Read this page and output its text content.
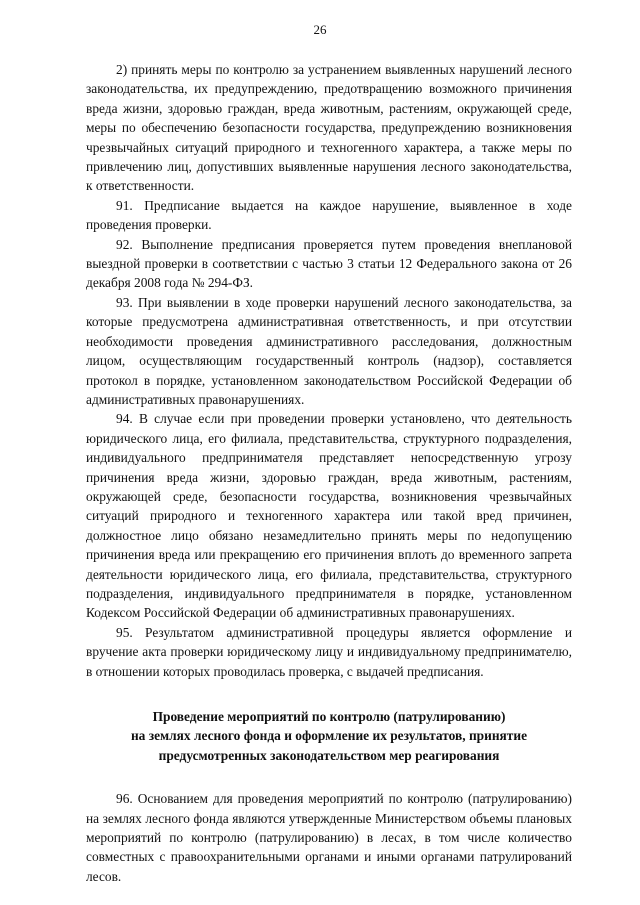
26

2) принять меры по контролю за устранением выявленных нарушений лесного законодательства, их предупреждению, предотвращению возможного причинения вреда жизни, здоровью граждан, вреда животным, растениям, окружающей среде, меры по обеспечению безопасности государства, предупреждению возникновения чрезвычайных ситуаций природного и техногенного характера, а также меры по привлечению лиц, допустивших выявленные нарушения лесного законодательства, к ответственности.

91. Предписание выдается на каждое нарушение, выявленное в ходе проведения проверки.

92. Выполнение предписания проверяется путем проведения внеплановой выездной проверки в соответствии с частью 3 статьи 12 Федерального закона от 26 декабря 2008 года № 294-ФЗ.

93. При выявлении в ходе проверки нарушений лесного законодательства, за которые предусмотрена административная ответственность, и при отсутствии необходимости проведения административного расследования, должностным лицом, осуществляющим государственный контроль (надзор), составляется протокол в порядке, установленном законодательством Российской Федерации об административных правонарушениях.

94. В случае если при проведении проверки установлено, что деятельность юридического лица, его филиала, представительства, структурного подразделения, индивидуального предпринимателя представляет непосредственную угрозу причинения вреда жизни, здоровью граждан, вреда животным, растениям, окружающей среде, безопасности государства, возникновения чрезвычайных ситуаций природного и техногенного характера или такой вред причинен, должностное лицо обязано незамедлительно принять меры по недопущению причинения вреда или прекращению его причинения вплоть до временного запрета деятельности юридического лица, его филиала, представительства, структурного подразделения, индивидуального предпринимателя в порядке, установленном Кодексом Российской Федерации об административных правонарушениях.

95. Результатом административной процедуры является оформление и вручение акта проверки юридическому лицу и индивидуальному предпринимателю, в отношении которых проводилась проверка, с выдачей предписания.

Проведение мероприятий по контролю (патрулированию)
на землях лесного фонда и оформление их результатов, принятие
предусмотренных законодательством мер реагирования

96. Основанием для проведения мероприятий по контролю (патрулированию) на землях лесного фонда являются утвержденные Министерством объемы плановых мероприятий по контролю (патрулированию) в лесах, в том числе количество совместных с правоохранительными органами и иными органами патрулирований лесов.
